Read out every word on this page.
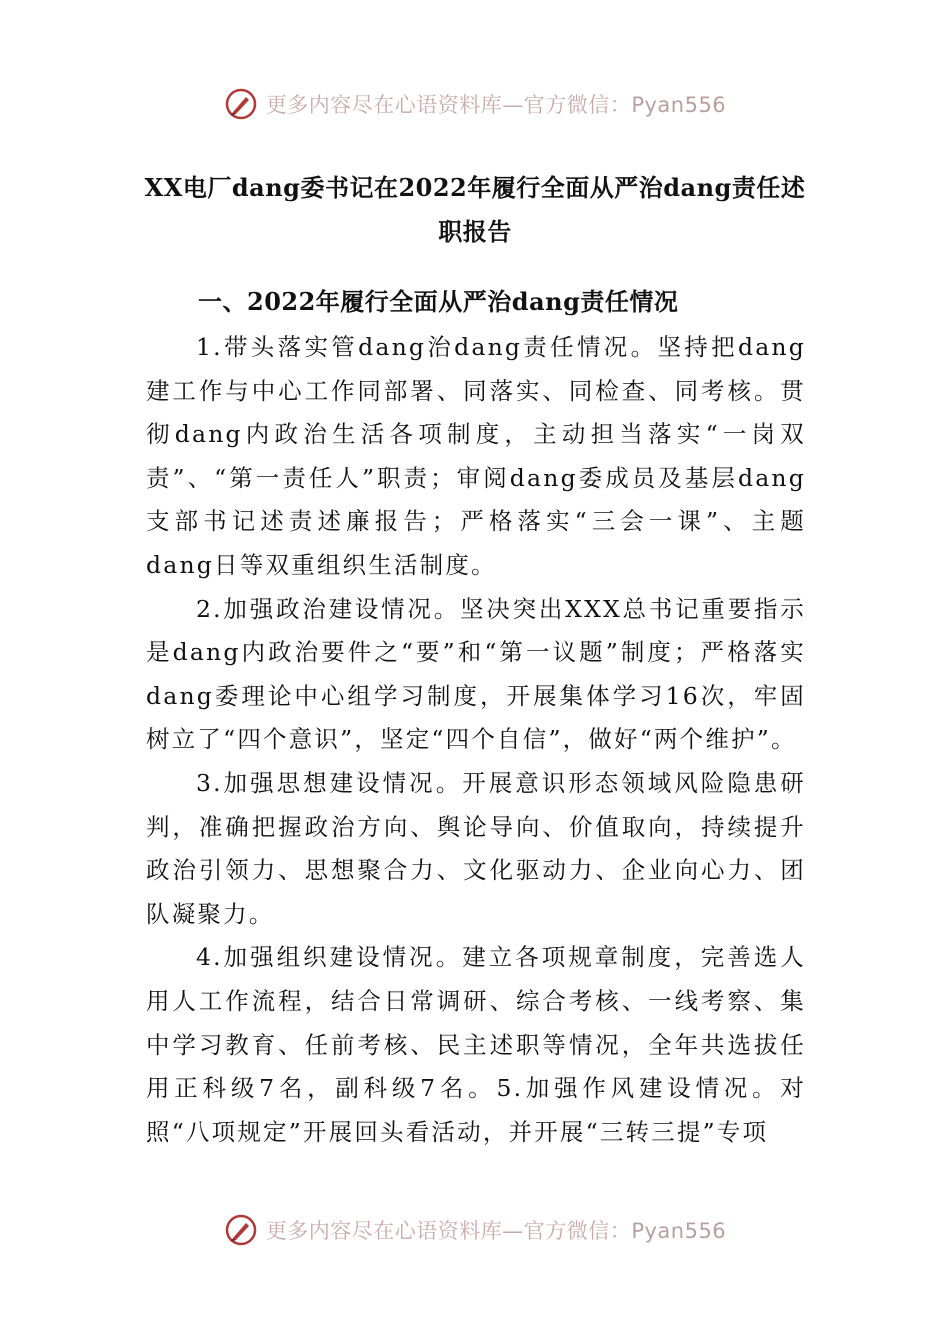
更多内容尽在心语资料库—官方微信：Pyan556
XX电厂dang委书记在2022年履行全面从严治dang责任述职报告

一、2022年履行全面从严治dang责任情况

1.带头落实管dang治dang责任情况。坚持把dang建工作与中心工作同部署、同落实、同检查、同考核。贯彻dang内政治生活各项制度，主动担当落实“一岗双责”、“第一责任人”职责；审阅dang委成员及基层dang支部书记述责述廉报告；严格落实“三会一课”、主题dang日等双重组织生活制度。

2.加强政治建设情况。坚决突出XXX总书记重要指示是dang内政治要件之“要”和“第一议题”制度；严格落实dang委理论中心组学习制度，开展集体学习16次，牢固树立了“四个意识”，坚定“四个自信”，做好“两个维护”。

3.加强思想建设情况。开展意识形态领域风险隐患研判，准确把握政治方向、舆论导向、价值取向，持续提升政治引领力、思想聚合力、文化驱动力、企业向心力、团队凝聚力。

4.加强组织建设情况。建立各项规章制度，完善选人用人工作流程，结合日常调研、综合考核、一线考察、集中学习教育、任前考核、民主述职等情况，全年共选拔任用正科级7名，副科级7名。5.加强作风建设情况。对照“八项规定”开展回头看活动，并开展“三转三提”专项

更多内容尽在心语资料库—官方微信：Pyan556
